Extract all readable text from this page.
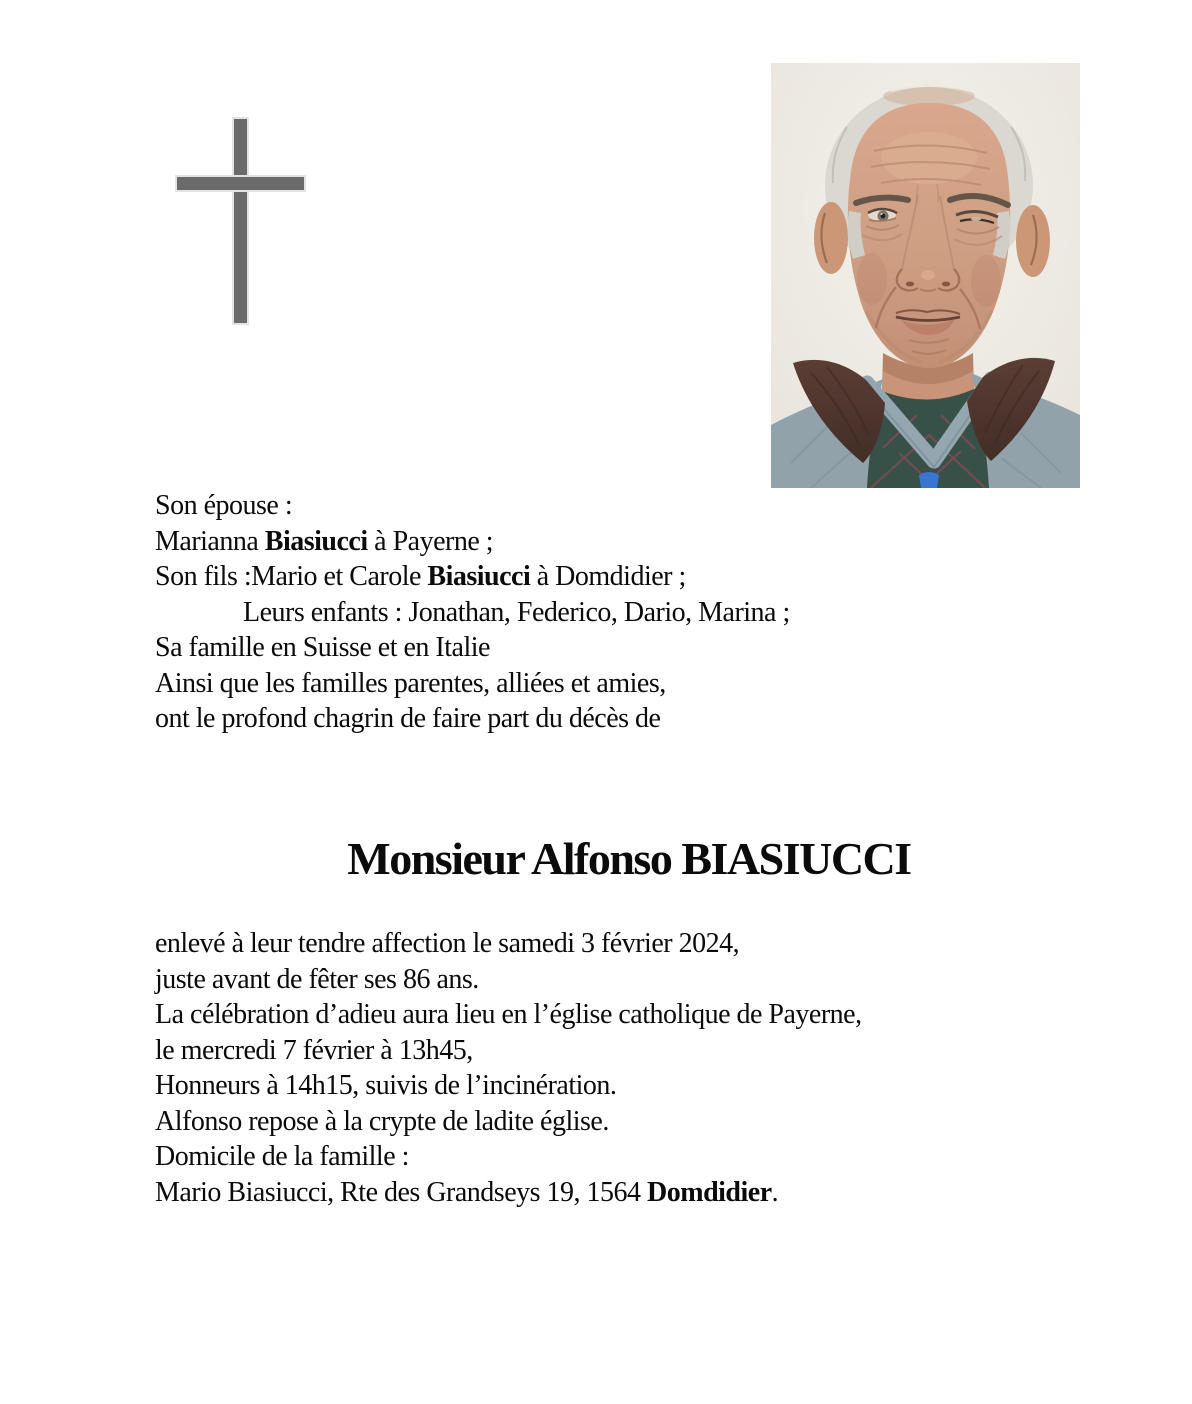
Son épouse :
Marianna Biasiucci à Payerne ;
Son fils :Mario et Carole Biasiucci à Domdidier ;
Leurs enfants : Jonathan, Federico, Dario, Marina ;
Sa famille en Suisse et en Italie
Ainsi que les familles parentes, alliées et amies,
ont le profond chagrin de faire part du décès de
Monsieur Alfonso BIASIUCCI
enlevé à leur tendre affection le samedi 3 février 2024,
juste avant de fêter ses 86 ans.
La célébration d’adieu aura lieu en l’église catholique de Payerne,
le mercredi 7 février à 13h45,
Honneurs à 14h15, suivis de l’incinération.
Alfonso repose à la crypte de ladite église.
Domicile de la famille :
Mario Biasiucci, Rte des Grandseys 19, 1564 Domdidier.
